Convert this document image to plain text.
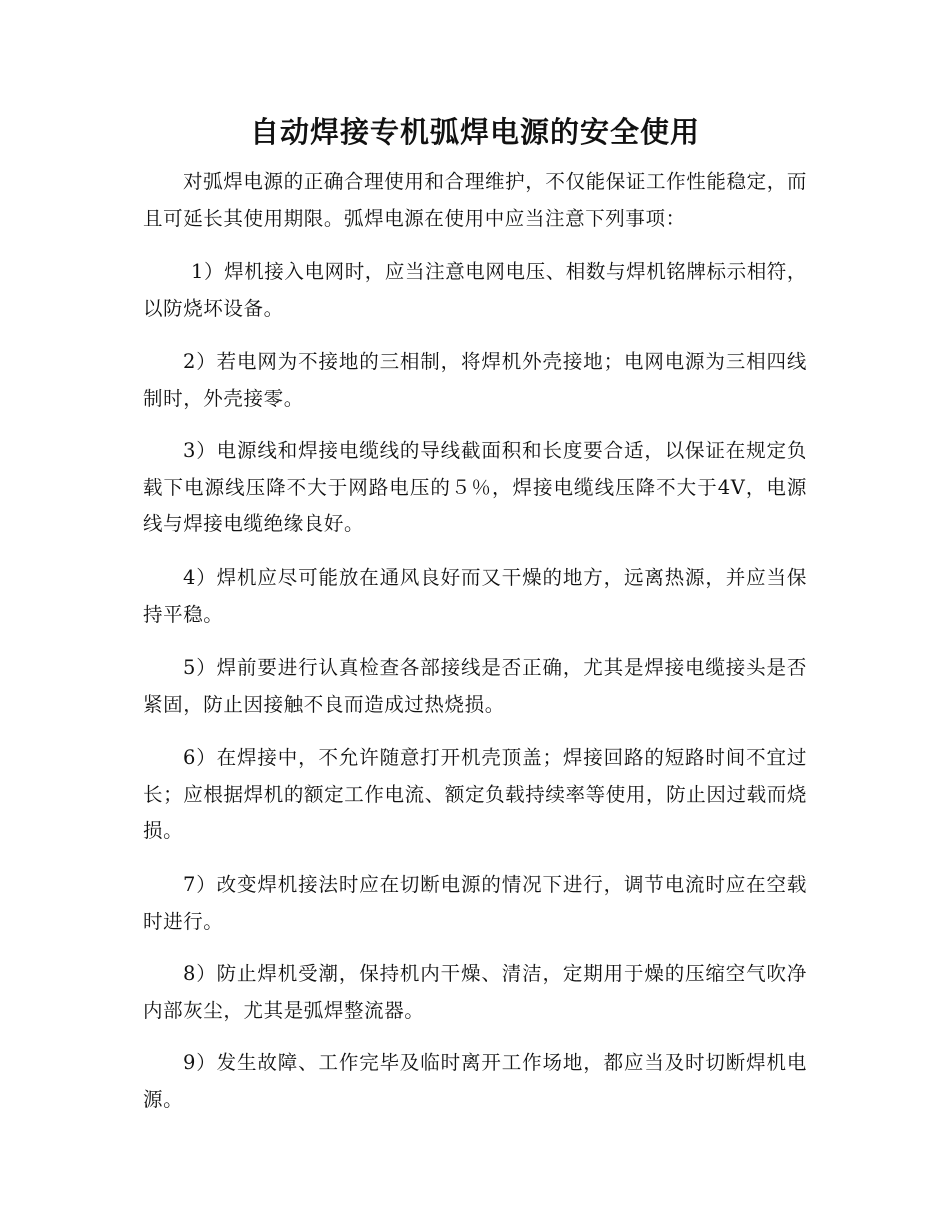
自动焊接专机弧焊电源的安全使用

对弧焊电源的正确合理使用和合理维护，不仅能保证工作性能稳定，而且可延长其使用期限。弧焊电源在使用中应当注意下列事项：

1）焊机接入电网时，应当注意电网电压、相数与焊机铭牌标示相符，以防烧坏设备。

2）若电网为不接地的三相制，将焊机外壳接地；电网电源为三相四线制时，外壳接零。

3）电源线和焊接电缆线的导线截面积和长度要合适，以保证在规定负载下电源线压降不大于网路电压的５％，焊接电缆线压降不大于4V，电源线与焊接电缆绝缘良好。

4）焊机应尽可能放在通风良好而又干燥的地方，远离热源，并应当保持平稳。

5）焊前要进行认真检查各部接线是否正确，尤其是焊接电缆接头是否紧固，防止因接触不良而造成过热烧损。

6）在焊接中，不允许随意打开机壳顶盖；焊接回路的短路时间不宜过长；应根据焊机的额定工作电流、额定负载持续率等使用，防止因过载而烧损。

7）改变焊机接法时应在切断电源的情况下进行，调节电流时应在空载时进行。

8）防止焊机受潮，保持机内干燥、清洁，定期用于燥的压缩空气吹净内部灰尘，尤其是弧焊整流器。

9）发生故障、工作完毕及临时离开工作场地，都应当及时切断焊机电源。
